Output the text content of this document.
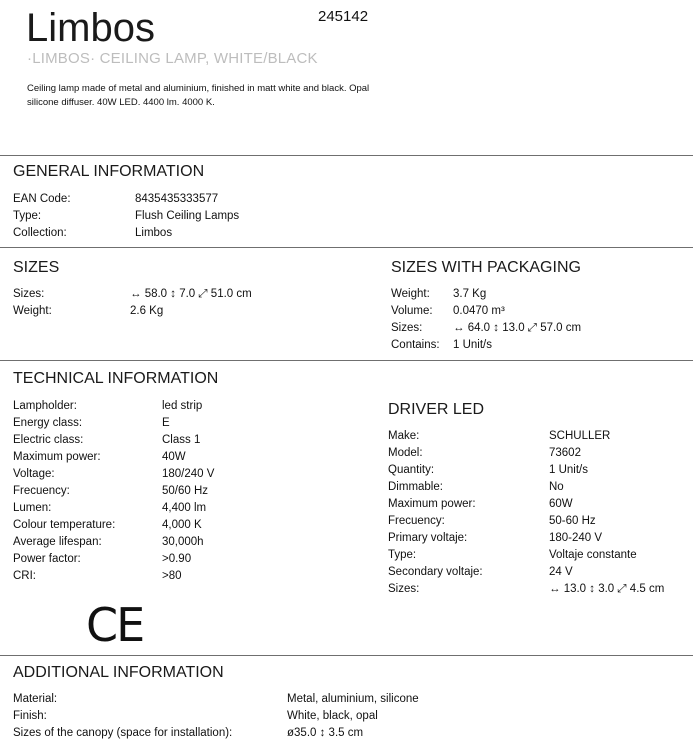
Limbos	245142
·LIMBOS· CEILING LAMP, WHITE/BLACK
Ceiling lamp made of metal and aluminium, finished in matt white and black. Opal silicone diffuser. 40W LED. 4400 lm. 4000 K.
GENERAL INFORMATION
EAN Code:	8435435333577
Type:	Flush Ceiling Lamps
Collection:	Limbos
SIZES
Sizes:	↔ 58.0 ↕ 7.0 ⤢ 51.0 cm
Weight:	2.6 Kg
SIZES WITH PACKAGING
Weight: 3.7 Kg
Volume: 0.0470 m³
Sizes:	↔ 64.0 ↕ 13.0 ⤢ 57.0 cm
Contains: 1 Unit/s
TECHNICAL INFORMATION
Lampholder:	led strip
Energy class:	E
Electric class:	Class 1
Maximum power:	40W
Voltage:	180/240 V
Frecuency:	50/60 Hz
Lumen:	4,400 lm
Colour temperature:	4,000 K
Average lifespan:	30,000h
Power factor:	>0.90
CRI:	>80
CE
DRIVER LED
Make:	SCHULLER
Model:	73602
Quantity:	1 Unit/s
Dimmable:	No
Maximum power:	60W
Frecuency:	50-60 Hz
Primary voltaje:	180-240 V
Type:	Voltaje constante
Secondary voltaje:	24 V
Sizes:	↔ 13.0 ↕ 3.0 ⤢ 4.5 cm
ADDITIONAL INFORMATION
Material:	Metal, aluminium, silicone
Finish:	White, black, opal
Sizes of the canopy (space for installation):	ø35.0 ↕ 3.5 cm
